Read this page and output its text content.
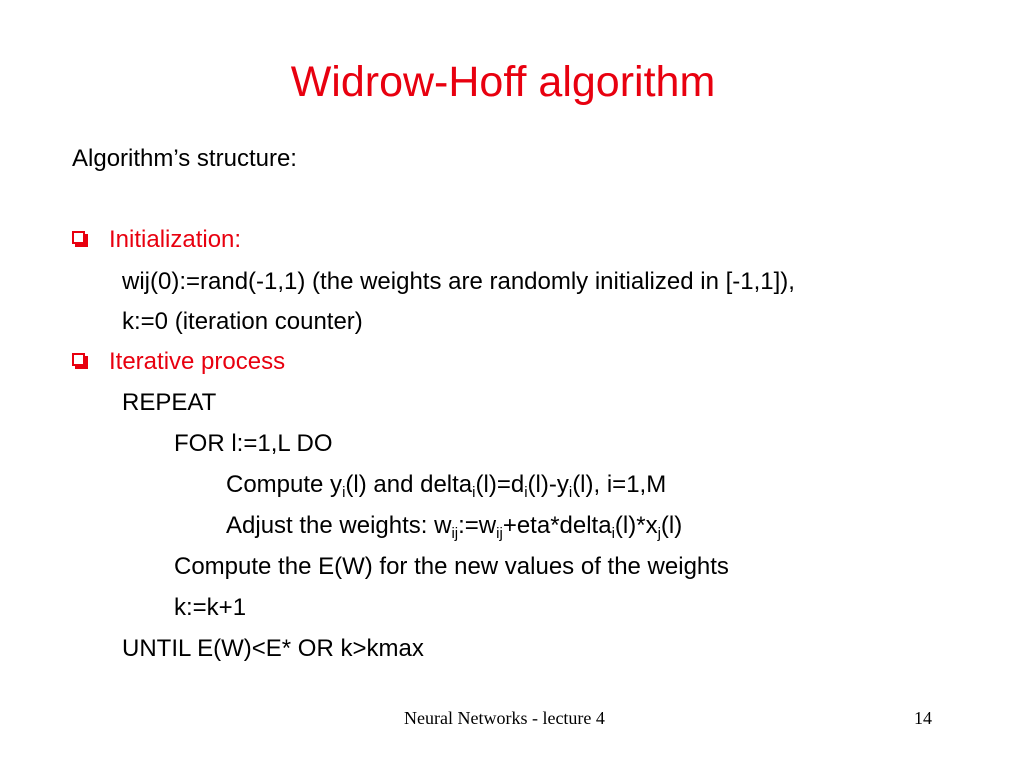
Widrow-Hoff algorithm
Algorithm’s structure:
Initialization:
wij(0):=rand(-1,1) (the weights are randomly initialized in [-1,1]),
k:=0 (iteration counter)
Iterative process
REPEAT
FOR l:=1,L DO
Compute $y_i(l)$ and $delta_i(l)=d_i(l)-y_i(l)$, i=1,M
Adjust the weights: $w_{ij}:=w_{ij}+eta*delta_i(l)*x_j(l)$
Compute the E(W) for the new values of the weights
k:=k+1
UNTIL E(W)<E* OR k>kmax
Neural Networks - lecture 4	14
